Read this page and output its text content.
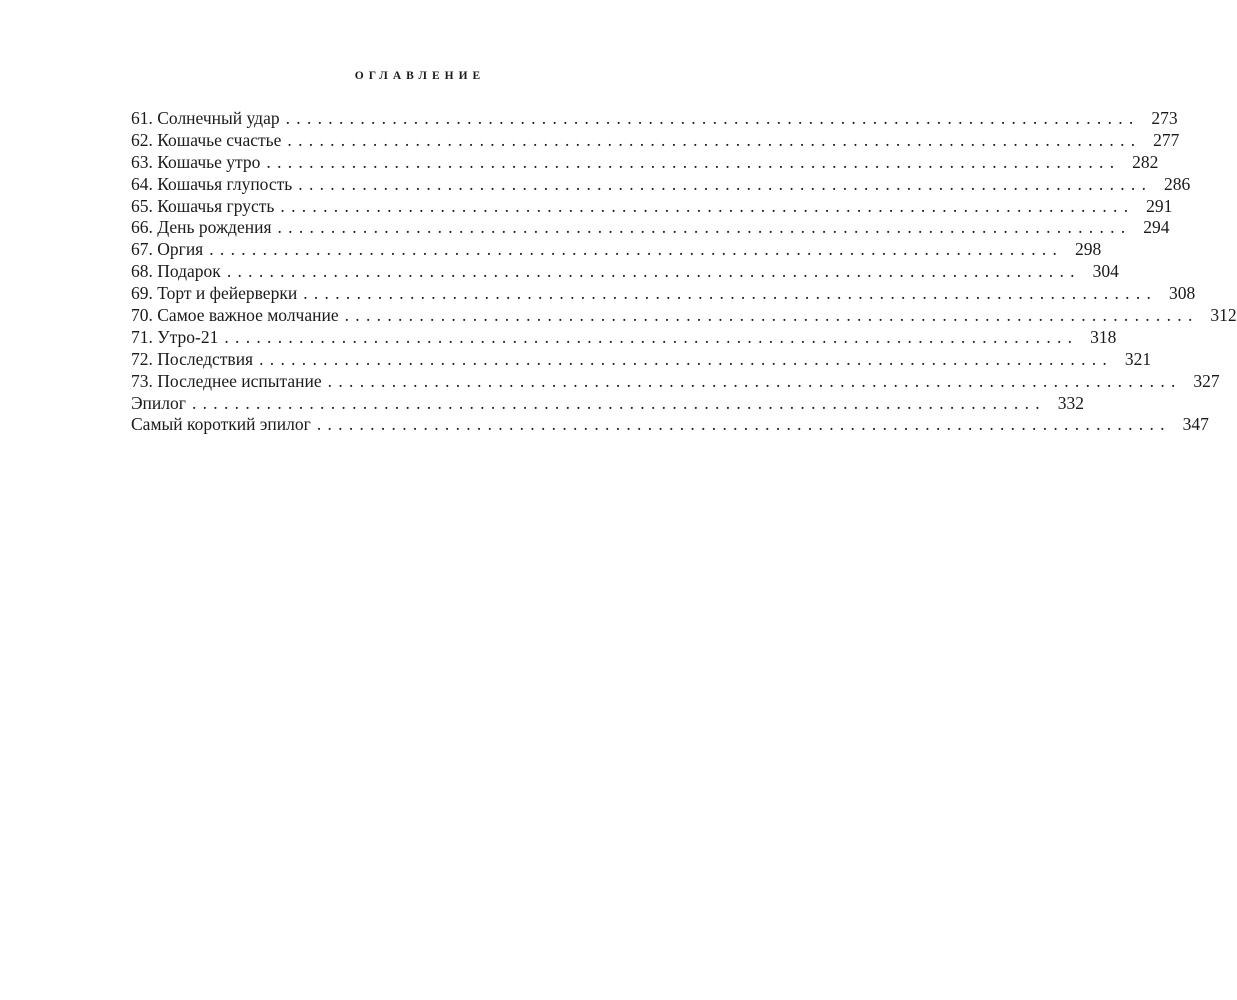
ОГЛАВЛЕНИЕ
61. Солнечный удар ................................................................................ 273
62. Кошачье счастье ................................................................................ 277
63. Кошачье утро ................................................................................ 282
64. Кошачья глупость ................................................................................ 286
65. Кошачья грусть ................................................................................ 291
66. День рождения ................................................................................ 294
67. Оргия ................................................................................ 298
68. Подарок ................................................................................ 304
69. Торт и фейерверки ................................................................................ 308
70. Самое важное молчание ................................................................................ 312
71. Утро-21 ................................................................................ 318
72. Последствия ................................................................................ 321
73. Последнее испытание ................................................................................ 327
Эпилог ................................................................................ 332
Самый короткий эпилог ................................................................................ 347
